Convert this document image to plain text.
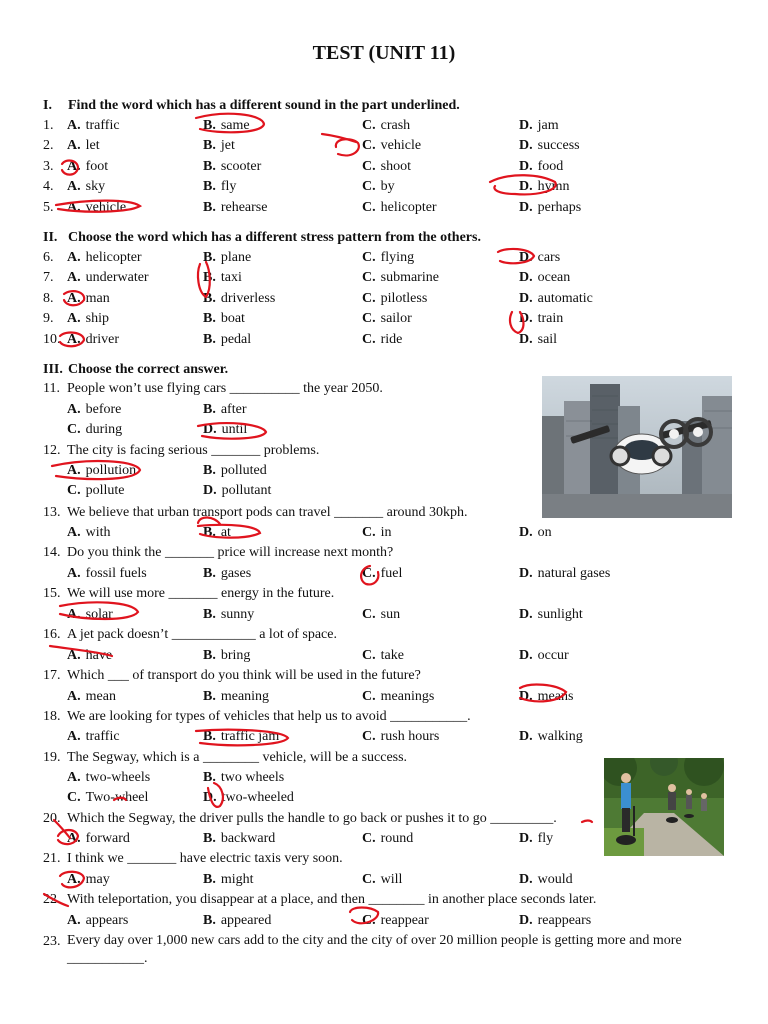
TEST (UNIT 11)
I. Find the word which has a different sound in the part underlined.
II. Choose the word which has a different stress pattern from the others.
III. Choose the correct answer.
1. A. traffic	B. same	C. crash	D. jam
2. A. let	B. jet	C. vehicle	D. success
3. A. foot	B. scooter	C. shoot	D. food
4. A. sky	B. fly	C. by	D. hymn
5. A. vehicle	B. rehearse	C. helicopter	D. perhaps
6. A. helicopter	B. plane	C. flying	D. cars
7. A. underwater	B. taxi	C. submarine	D. ocean
8. A. man	B. driverless	C. pilotless	D. automatic
9. A. ship	B. boat	C. sailor	D. train
10. A. driver	B. pedal	C. ride	D. sail
11. People won’t use flying cars __________ the year 2050.
A. before	B. after
C. during	D. until
12. The city is facing serious _______ problems.
A. pollution	B. polluted
C. pollute	D. pollutant
13. We believe that urban transport pods can travel _______ around 30kph.
A. with	B. at	C. in	D. on
14. Do you think the _______ price will increase next month?
A. fossil fuels	B. gases	C. fuel	D. natural gases
15. We will use more _______ energy in the future.
A. solar	B. sunny	C. sun	D. sunlight
16. A jet pack doesn’t ____________ a lot of space.
A. have	B. bring	C. take	D. occur
17. Which ___ of transport do you think will be used in the future?
A. mean	B. meaning	C. meanings	D. means
18. We are looking for types of vehicles that help us to avoid ___________.
A. traffic	B. traffic jam	C. rush hours	D. walking
19. The Segway, which is a ________ vehicle, will be a success.
A. two-wheels	B. two wheels
C. Two-wheel	D. two-wheeled
20. Which the Segway, the driver pulls the handle to go back or pushes it to go _________.
A. forward	B. backward	C. round	D. fly
21. I think we _______ have electric taxis very soon.
A. may	B. might	C. will	D. would
22. With teleportation, you disappear at a place, and then ________ in another place seconds later.
A. appears	B. appeared	C. reappear	D. reappears
23. Every day over 1,000 new cars add to the city and the city of over 20 million people is getting more and more ___________.
